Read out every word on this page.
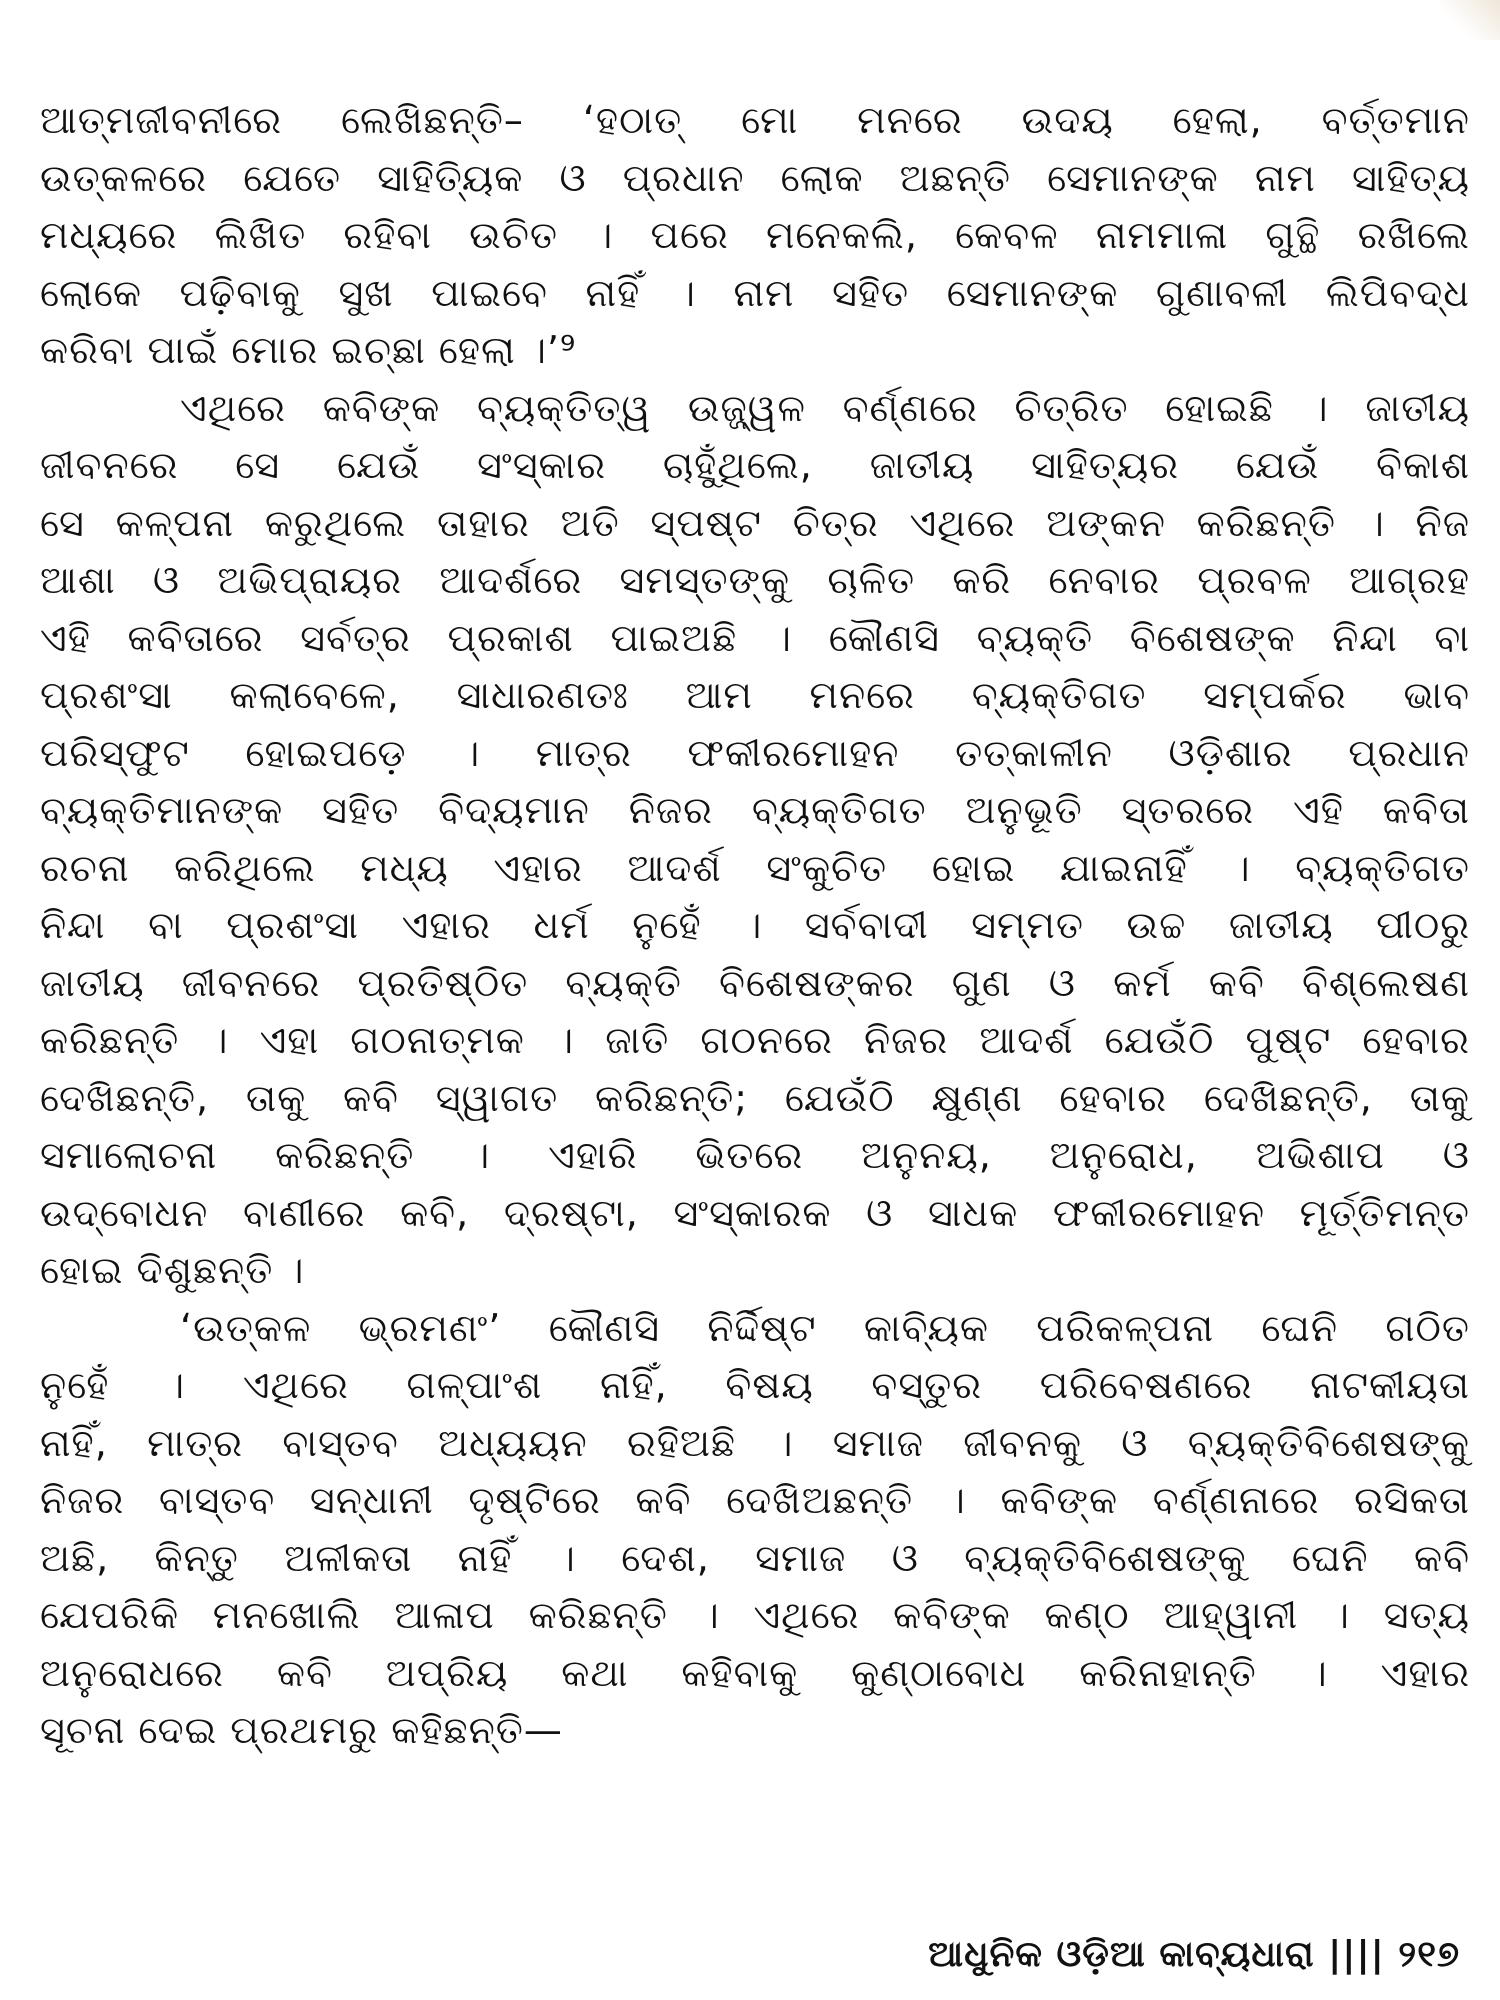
ଆତ୍ମଜୀବନୀରେ ଲେଖିଛନ୍ତି– ‘ହଠାତ୍ ମୋ ମନରେ ଉଦୟ ହେଲା, ବର୍ତ୍ତମାନ
ଉତ୍କଳରେ ଯେତେ ସାହିତ୍ୟିକ ଓ ପ୍ରଧାନ ଲୋକ ଅଛନ୍ତି ସେମାନଙ୍କ ନାମ ସାହିତ୍ୟ
ମଧ୍ୟରେ ଲିଖିତ ରହିବା ଉଚିତ । ପରେ ମନେକଲି, କେବଳ ନାମମାଳା ଗୁନ୍ଥି ରଖିଲେ
ଲୋକେ ପଢ଼ିବାକୁ ସୁଖ ପାଇବେ ନାହିଁ । ନାମ ସହିତ ସେମାନଙ୍କ ଗୁଣାବଳୀ ଲିପିବଦ୍ଧ
କରିବା ପାଇଁ ମୋର ଇଚ୍ଛା ହେଲା ।’⁹
ଏଥିରେ କବିଙ୍କ ବ୍ୟକ୍ତିତ୍ୱ ଉଜ୍ଜ୍ୱଳ ବର୍ଣ୍ଣରେ ଚିତ୍ରିତ ହୋଇଛି । ଜାତୀୟ
ଜୀବନରେ ସେ ଯେଉଁ ସଂସ୍କାର ଚାହୁଁଥିଲେ, ଜାତୀୟ ସାହିତ୍ୟର ଯେଉଁ ବିକାଶ
ସେ କଳ୍ପନା କରୁଥିଲେ ତାହାର ଅତି ସ୍ପଷ୍ଟ ଚିତ୍ର ଏଥିରେ ଅଙ୍କନ କରିଛନ୍ତି । ନିଜ
ଆଶା ଓ ଅଭିପ୍ରାୟର ଆଦର୍ଶରେ ସମସ୍ତଙ୍କୁ ଚାଳିତ କରି ନେବାର ପ୍ରବଳ ଆଗ୍ରହ
ଏହି କବିତାରେ ସର୍ବତ୍ର ପ୍ରକାଶ ପାଇଅଛି । କୌଣସି ବ୍ୟକ୍ତି ବିଶେଷଙ୍କ ନିନ୍ଦା ବା
ପ୍ରଶଂସା କଲାବେଳେ, ସାଧାରଣତଃ ଆମ ମନରେ ବ୍ୟକ୍ତିଗତ ସମ୍ପର୍କର ଭାବ
ପରିସ୍ଫୁଟ ହୋଇପଡ଼େ । ମାତ୍ର ଫକୀରମୋହନ ତତ୍କାଳୀନ ଓଡ଼ିଶାର ପ୍ରଧାନ
ବ୍ୟକ୍ତିମାନଙ୍କ ସହିତ ବିଦ୍ୟମାନ ନିଜର ବ୍ୟକ୍ତିଗତ ଅନୁଭୂତି ସ୍ତରରେ ଏହି କବିତା
ରଚନା କରିଥିଲେ ମଧ୍ୟ ଏହାର ଆଦର୍ଶ ସଂକୁଚିତ ହୋଇ ଯାଇନାହିଁ । ବ୍ୟକ୍ତିଗତ
ନିନ୍ଦା ବା ପ୍ରଶଂସା ଏହାର ଧର୍ମ ନୁହେଁ । ସର୍ବବାଦୀ ସମ୍ମତ ଉଚ୍ଚ ଜାତୀୟ ପୀଠରୁ
ଜାତୀୟ ଜୀବନରେ ପ୍ରତିଷ୍ଠିତ ବ୍ୟକ୍ତି ବିଶେଷଙ୍କର ଗୁଣ ଓ କର୍ମ କବି ବିଶ୍ଲେଷଣ
କରିଛନ୍ତି । ଏହା ଗଠନାତ୍ମକ । ଜାତି ଗଠନରେ ନିଜର ଆଦର୍ଶ ଯେଉଁଠି ପୁଷ୍ଟ ହେବାର
ଦେଖିଛନ୍ତି, ତାକୁ କବି ସ୍ୱାଗତ କରିଛନ୍ତି; ଯେଉଁଠି କ୍ଷୁଣ୍ଣ ହେବାର ଦେଖିଛନ୍ତି, ତାକୁ
ସମାଲୋଚନା କରିଛନ୍ତି । ଏହାରି ଭିତରେ ଅନୁନୟ, ଅନୁରୋଧ, ଅଭିଶାପ ଓ
ଉଦ୍‌ବୋଧନ ବାଣୀରେ କବି, ଦ୍ରଷ୍ଟା, ସଂସ୍କାରକ ଓ ସାଧକ ଫକୀରମୋହନ ମୂର୍ତ୍ତିମନ୍ତ
ହୋଇ ଦିଶୁଛନ୍ତି ।
‘ଉତ୍କଳ ଭ୍ରମଣଂ’ କୌଣସି ନିର୍ଦ୍ଦିଷ୍ଟ କାବ୍ୟିକ ପରିକଳ୍ପନା ଘେନି ଗଠିତ
ନୁହେଁ । ଏଥିରେ ଗଳ୍ପାଂଶ ନାହିଁ, ବିଷୟ ବସ୍ତୁର ପରିବେଷଣରେ ନାଟକୀୟତା
ନାହିଁ, ମାତ୍ର ବାସ୍ତବ ଅଧ୍ୟୟନ ରହିଅଛି । ସମାଜ ଜୀବନକୁ ଓ ବ୍ୟକ୍ତିବିଶେଷଙ୍କୁ
ନିଜର ବାସ୍ତବ ସନ୍ଧାନୀ ଦୃଷ୍ଟିରେ କବି ଦେଖିଅଛନ୍ତି । କବିଙ୍କ ବର୍ଣ୍ଣନାରେ ରସିକତା
ଅଛି, କିନ୍ତୁ ଅଳୀକତା ନାହିଁ । ଦେଶ, ସମାଜ ଓ ବ୍ୟକ୍ତିବିଶେଷଙ୍କୁ ଘେନି କବି
ଯେପରିକି ମନଖୋଲି ଆଳାପ କରିଛନ୍ତି । ଏଥିରେ କବିଙ୍କ କଣ୍ଠ ଆହ୍ୱାନୀ । ସତ୍ୟ
ଅନୁରୋଧରେ କବି ଅପ୍ରିୟ କଥା କହିବାକୁ କୁଣ୍ଠାବୋଧ କରିନାହାନ୍ତି । ଏହାର
ସୂଚନା ଦେଇ ପ୍ରଥମରୁ କହିଛନ୍ତି—
ଆଧୁନିକ ଓଡ଼ିଆ କାବ୍ୟଧାରା |||| ୨୧୭
